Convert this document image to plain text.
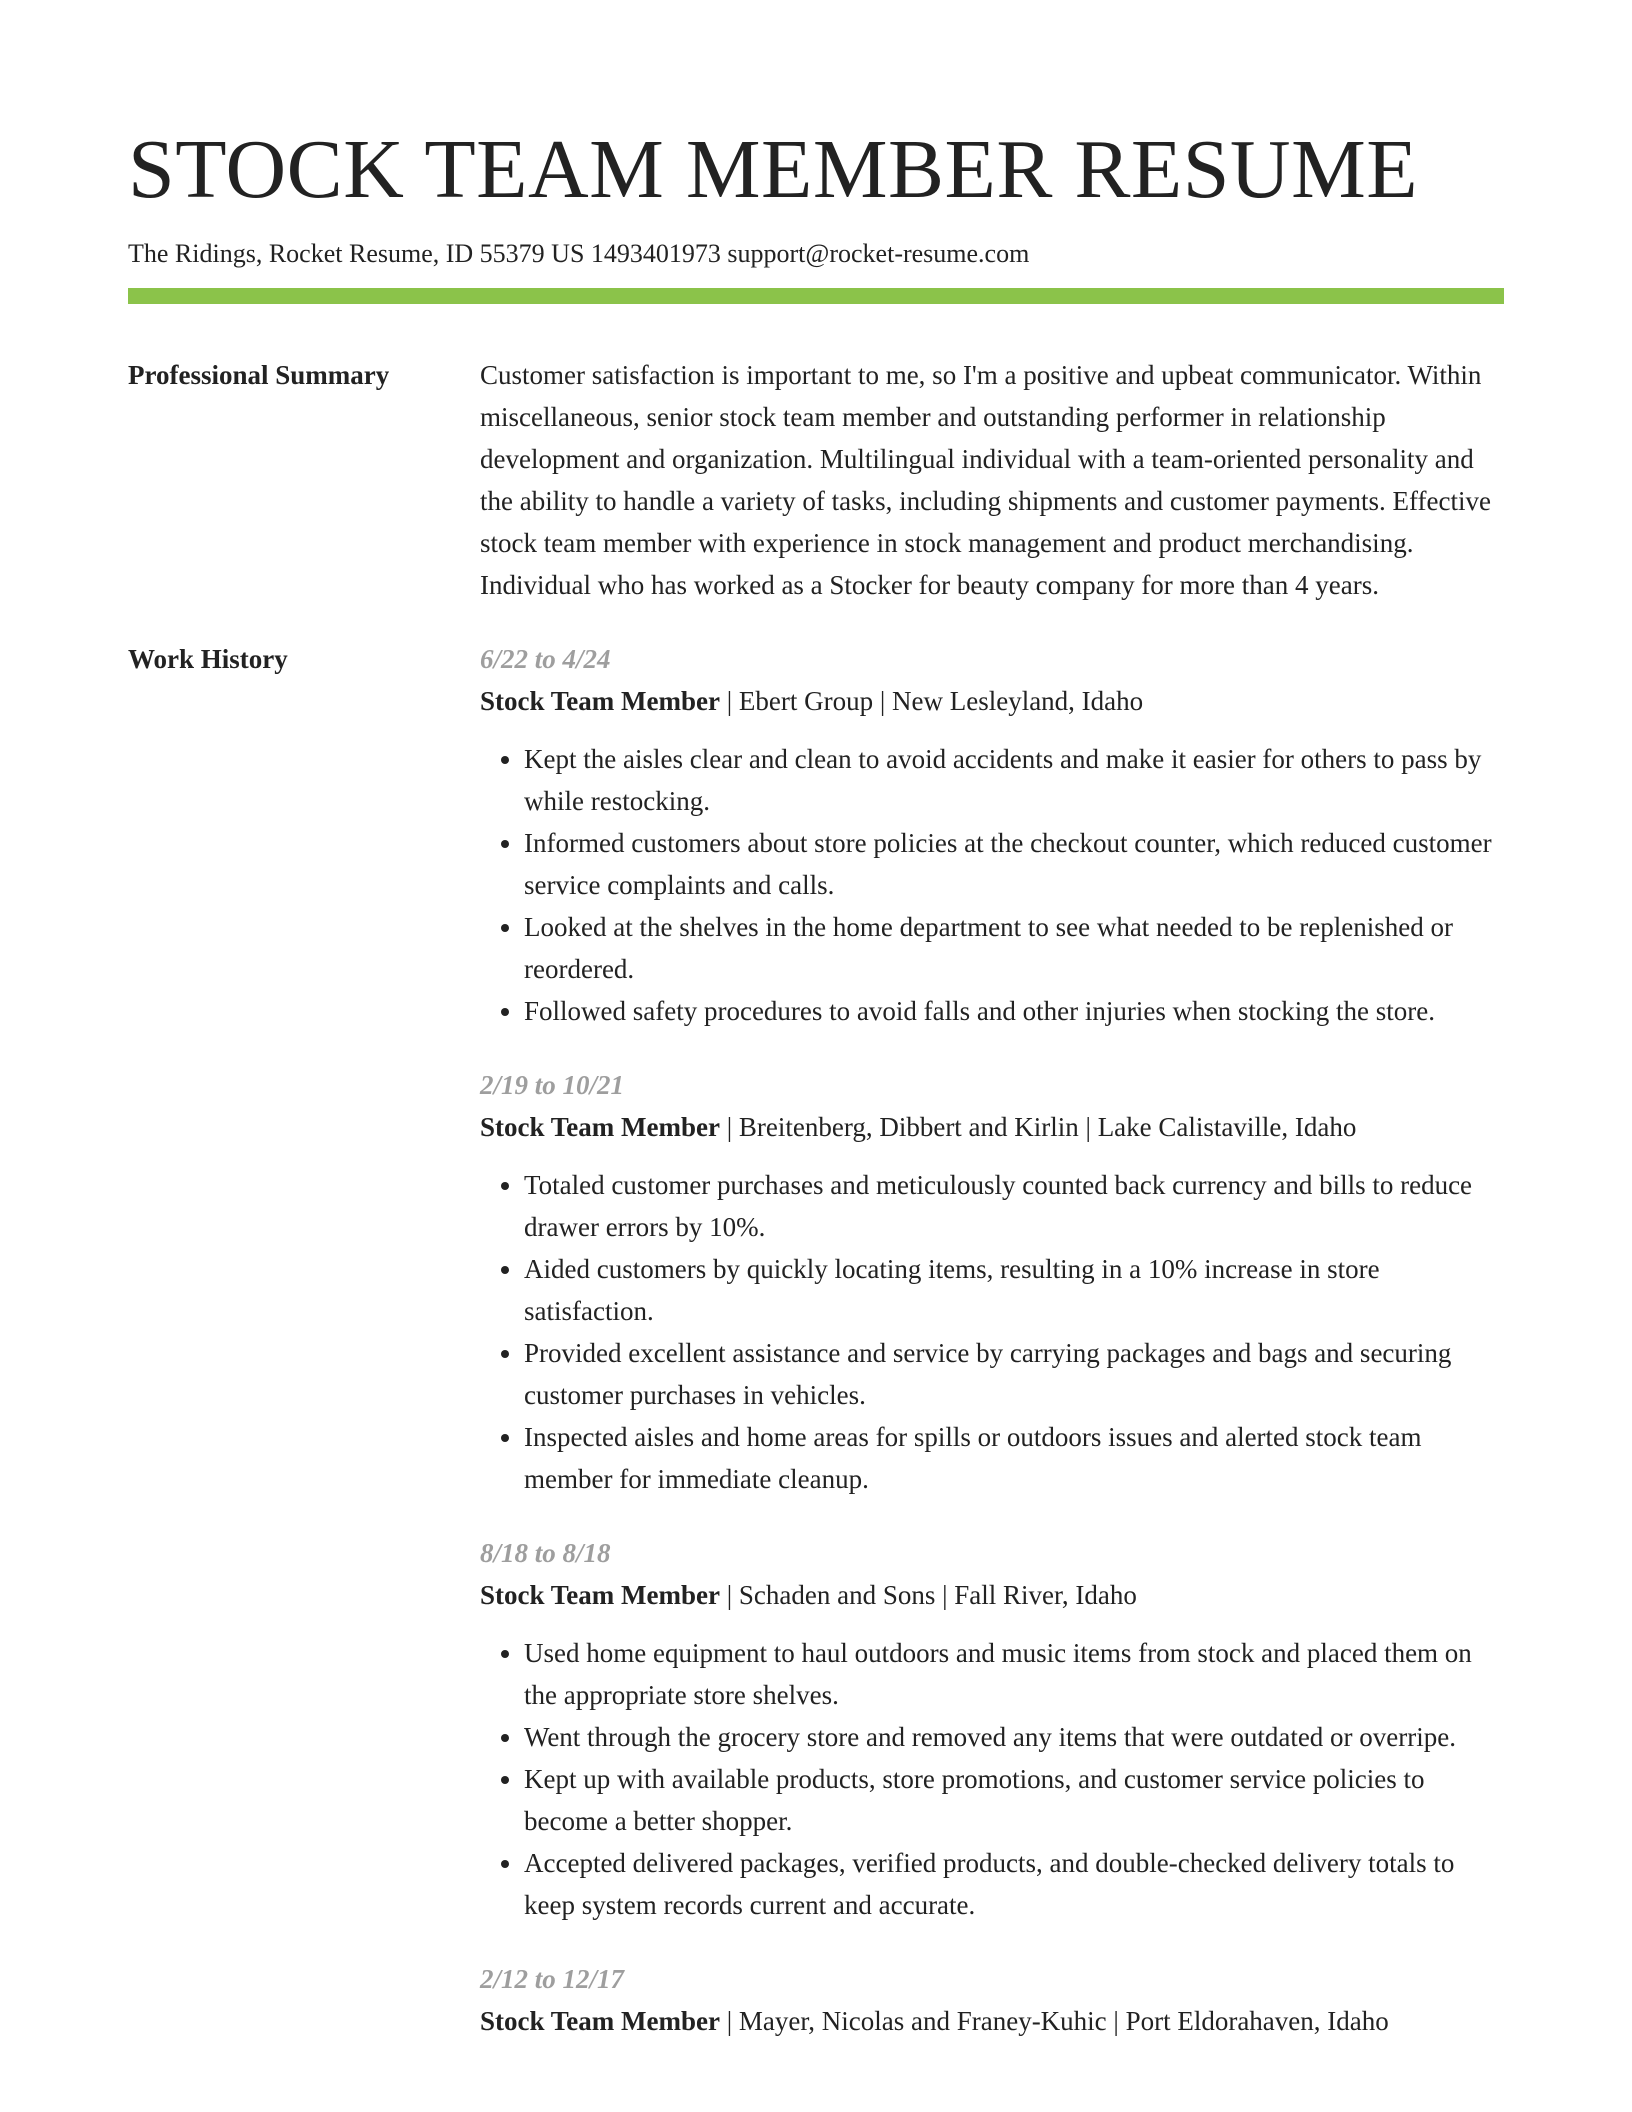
STOCK TEAM MEMBER RESUME
The Ridings, Rocket Resume, ID 55379 US 1493401973 support@rocket-resume.com
Professional Summary	Customer satisfaction is important to me, so I'm a positive and upbeat communicator. Within miscellaneous, senior stock team member and outstanding performer in relationship development and organization. Multilingual individual with a team-oriented personality and the ability to handle a variety of tasks, including shipments and customer payments. Effective stock team member with experience in stock management and product merchandising. Individual who has worked as a Stocker for beauty company for more than 4 years.

Work History	6/22 to 4/24
Stock Team Member | Ebert Group | New Lesleyland, Idaho
• Kept the aisles clear and clean to avoid accidents and make it easier for others to pass by while restocking.
• Informed customers about store policies at the checkout counter, which reduced customer service complaints and calls.
• Looked at the shelves in the home department to see what needed to be replenished or reordered.
• Followed safety procedures to avoid falls and other injuries when stocking the store.
2/19 to 10/21
Stock Team Member | Breitenberg, Dibbert and Kirlin | Lake Calistaville, Idaho
• Totaled customer purchases and meticulously counted back currency and bills to reduce drawer errors by 10%.
• Aided customers by quickly locating items, resulting in a 10% increase in store satisfaction.
• Provided excellent assistance and service by carrying packages and bags and securing customer purchases in vehicles.
• Inspected aisles and home areas for spills or outdoors issues and alerted stock team member for immediate cleanup.
8/18 to 8/18
Stock Team Member | Schaden and Sons | Fall River, Idaho
• Used home equipment to haul outdoors and music items from stock and placed them on the appropriate store shelves.
• Went through the grocery store and removed any items that were outdated or overripe.
• Kept up with available products, store promotions, and customer service policies to become a better shopper.
• Accepted delivered packages, verified products, and double-checked delivery totals to keep system records current and accurate.
2/12 to 12/17
Stock Team Member | Mayer, Nicolas and Franey-Kuhic | Port Eldorahaven, Idaho
